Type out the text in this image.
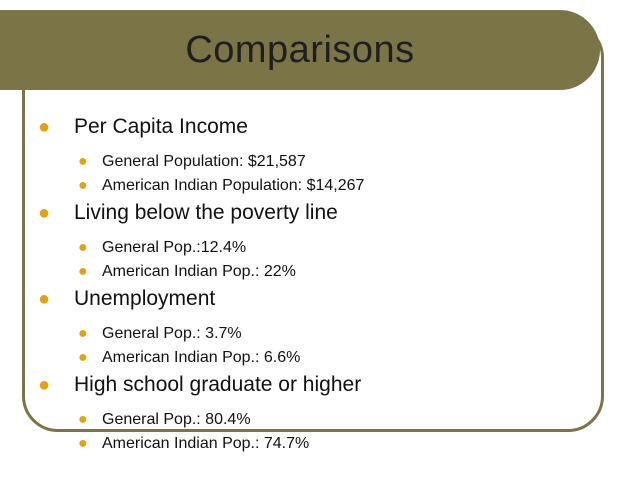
Comparisons
● Per Capita Income
● General Population: $21,587
● American Indian Population: $14,267
● Living below the poverty line
● General Pop.:12.4%
● American Indian Pop.: 22%
● Unemployment
● General Pop.: 3.7%
● American Indian Pop.: 6.6%
● High school graduate or higher
● General Pop.: 80.4%
● American Indian Pop.: 74.7%
